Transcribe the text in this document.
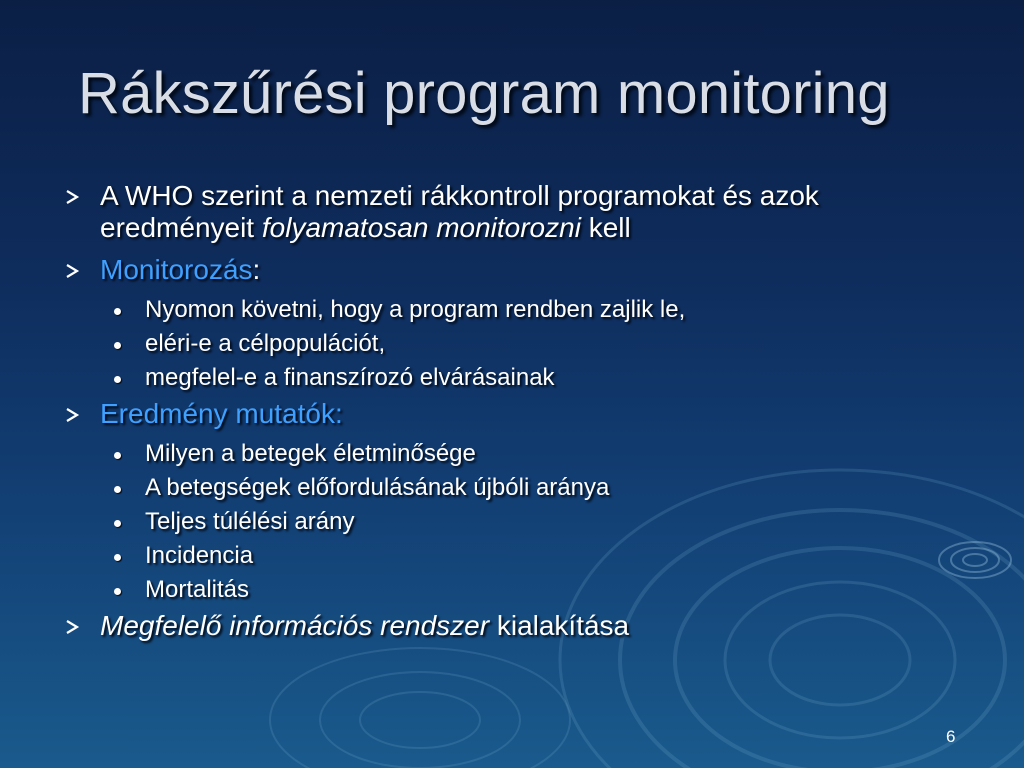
Rákszűrési program monitoring
A WHO szerint a nemzeti rákkontroll programokat és azok eredményeit folyamatosan monitorozni kell
Monitorozás:
Nyomon követni, hogy a program rendben zajlik le,
eléri-e a célpopulációt,
megfelel-e a finanszírozó elvárásainak
Eredmény mutatók:
Milyen a betegek életminősége
A betegségek előfordulásának újbóli aránya
Teljes túlélési arány
Incidencia
Mortalitás
Megfelelő információs rendszer kialakítása
6
